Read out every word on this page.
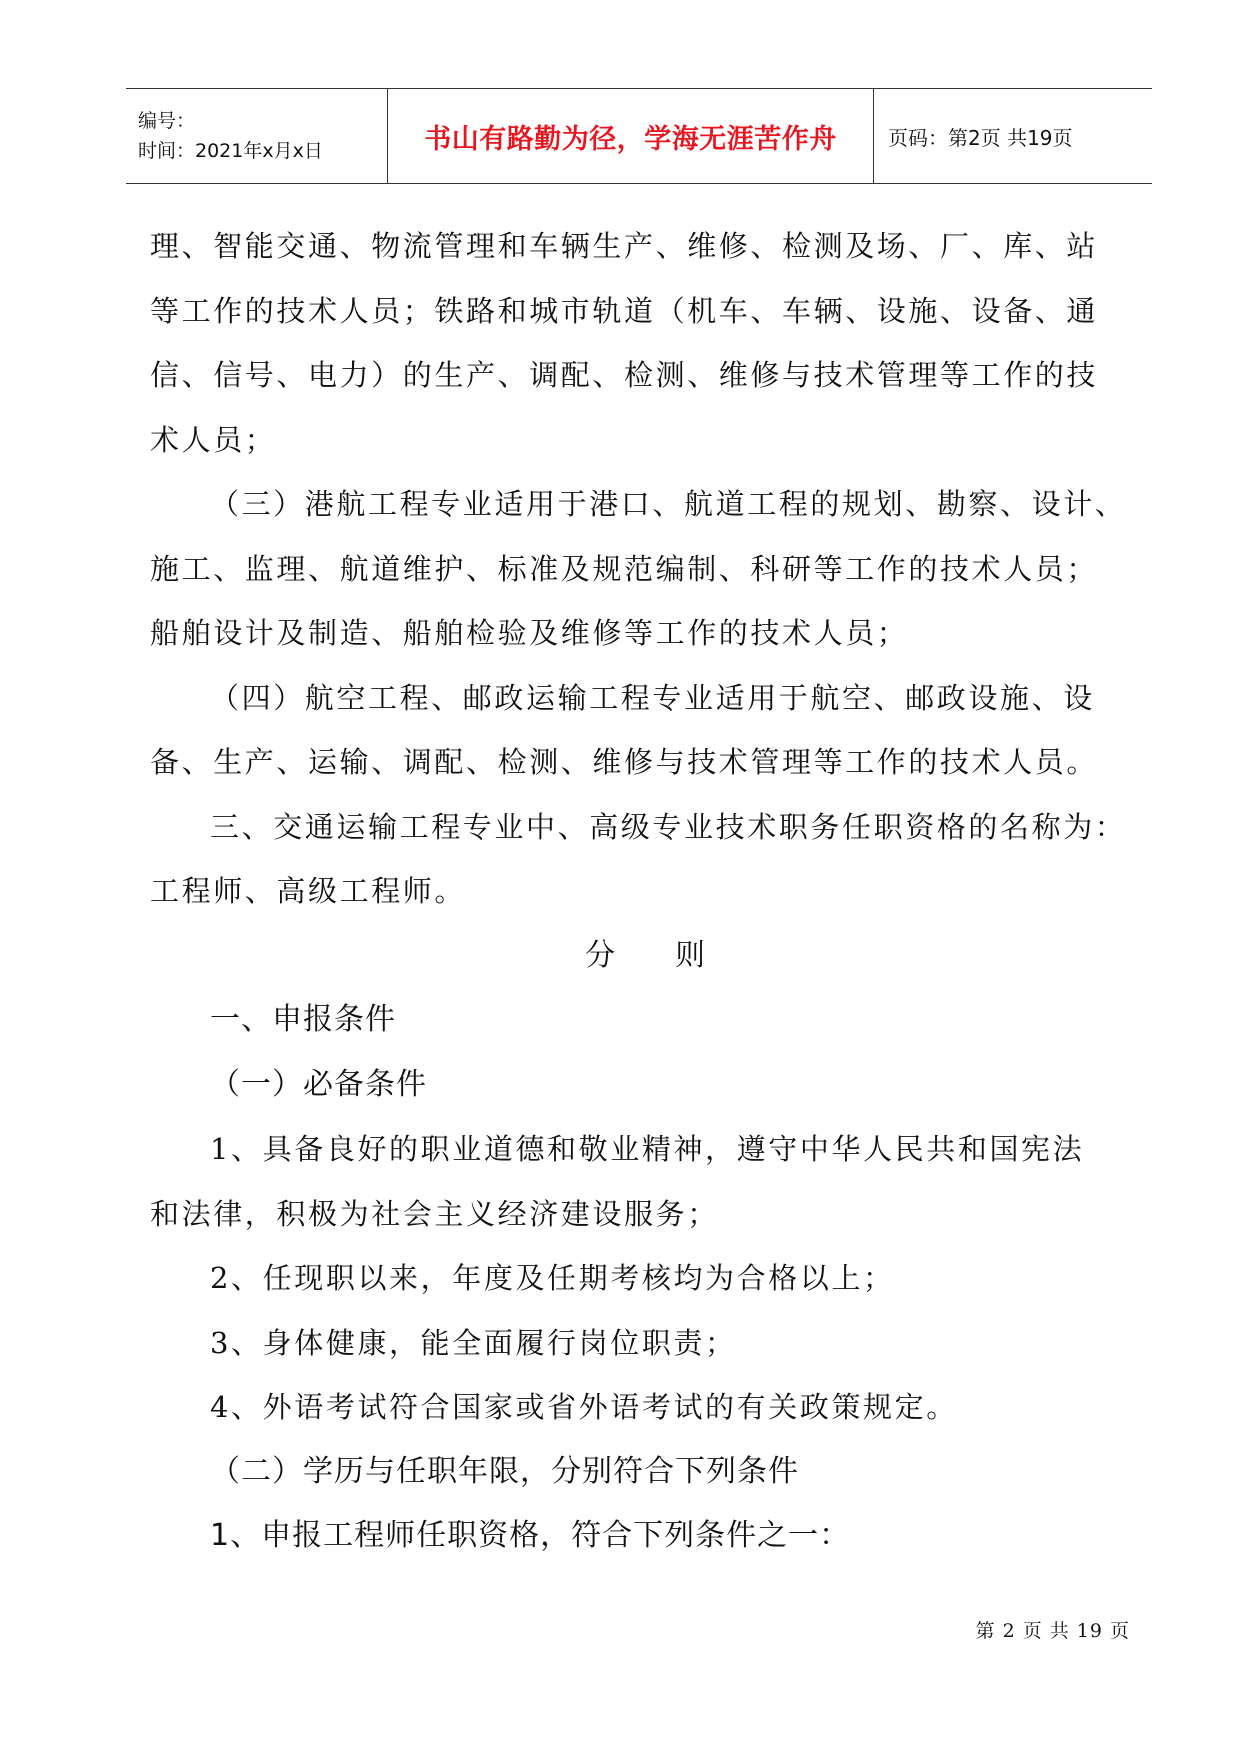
编号：
时间：2021年x月x日	书山有路勤为径，学海无涯苦作舟	页码：第2页 共19页

理、智能交通、物流管理和车辆生产、维修、检测及场、厂、库、站

等工作的技术人员；铁路和城市轨道（机车、车辆、设施、设备、通

信、信号、电力）的生产、调配、检测、维修与技术管理等工作的技

术人员；

（三）港航工程专业适用于港口、航道工程的规划、勘察、设计、

施工、监理、航道维护、标准及规范编制、科研等工作的技术人员；

船舶设计及制造、船舶检验及维修等工作的技术人员；

（四）航空工程、邮政运输工程专业适用于航空、邮政设施、设

备、生产、运输、调配、检测、维修与技术管理等工作的技术人员。

三、交通运输工程专业中、高级专业技术职务任职资格的名称为：

工程师、高级工程师。

分 则

一、申报条件

（一）必备条件

1、具备良好的职业道德和敬业精神，遵守中华人民共和国宪法

和法律，积极为社会主义经济建设服务；

2、任现职以来，年度及任期考核均为合格以上；

3、身体健康，能全面履行岗位职责；

4、外语考试符合国家或省外语考试的有关政策规定。

（二）学历与任职年限，分别符合下列条件

1、申报工程师任职资格，符合下列条件之一：

第 2 页 共 19 页
